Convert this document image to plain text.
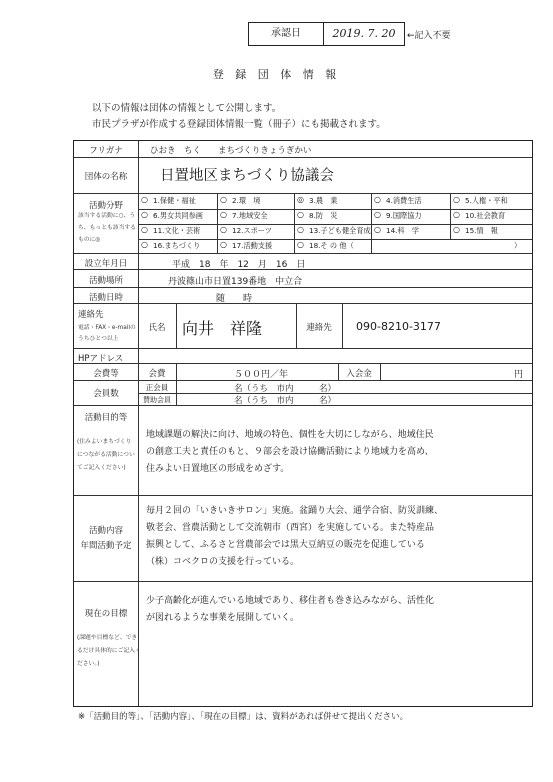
承認日	2019. 7. 20	←記入不要
登 録 団 体 情 報
以下の情報は団体の情報として公開します。
市民プラザが作成する登録団体情報一覧（冊子）にも掲載されます。
フリガナ	ひおき　ちく　　まちづくりきょうぎかい
団体の名称	日置地区まちづくり協議会
活動分野
該当する活動に○、う
ち、もっとも該当する
ものに◎
○ 1.保健・福祉	○ 2.環　境	◎ 3.農　業	○ 4.消費生活	○ 5.人権・平和
○ 6.男女共同参画 ○ 7.地域安全	○ 8.防　災	○ 9.国際協力	○ 10.社会教育
○ 11.文化・芸術 ○ 12.スポーツ	○ 13.子ども健全育成 ○ 14.科　学	○ 15.情　報
○ 16.まちづくり ○ 17.活動支援	○ 18.そ の 他（	）
設立年月日	平成　18　年　12　月　16　日
活動場所	丹波篠山市日置139番地　中立合
活動日時	随　　時
連絡先
電話・FAX・e-mailの
うちひとつ以上
氏名	向井　祥隆	連絡先	090-8210-3177
HPアドレス
会費等	会費	５００円／年	入会金	円
会員数
正会員	名（うち　市内　　　名）
賛助会員	名（うち　市内　　　名）
活動目的等
(住みよいまちづくり
につながる活動につい
てご記入ください)
地域課題の解決に向け、地域の特色、個性を大切にしながら、地域住民
の創意工夫と責任のもと、９部会を設け協働活動により地域力を高め、
住みよい日置地区の形成をめざす。
活動内容
年間活動予定
毎月２回の「いきいきサロン」実施。盆踊り大会、通学合宿、防災訓練、
敬老会、営農活動として交流朝市（西宮）を実施している。また特産品
振興として、ふるさと営農部会では黒大豆納豆の販売を促進している
（株）コベクロの支援を行っている。
現在の目標
(課題や目標など、でき
るだけ具体的にご記入く
ださい。)
少子高齢化が進んでいる地域であり、移住者も巻き込みながら、活性化
が図れるような事業を展開していく。
※「活動目的等」、「活動内容」、「現在の目標」は、資料があれば併せて提出ください。
